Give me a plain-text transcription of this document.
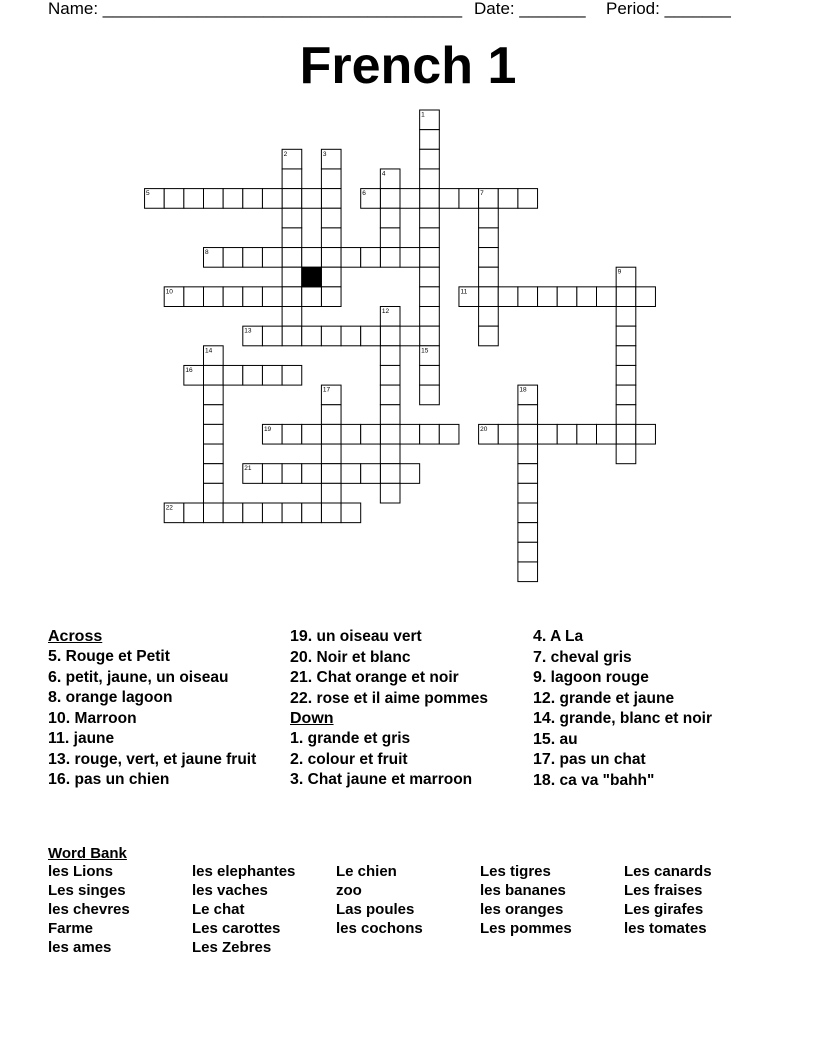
Name: ______________________________________ Date: _______ Period: _______
French 1
1
2	3
4
5	6	7
8
9
10	11
12
13
14	15
16
17	18
19	20
21
22
Across
5. Rouge et Petit
6. petit, jaune, un oiseau
8. orange lagoon
10. Marroon
11. jaune
13. rouge, vert, et jaune fruit
16. pas un chien
19. un oiseau vert
20. Noir et blanc
21. Chat orange et noir
22. rose et il aime pommes
Down
1. grande et gris
2. colour et fruit
3. Chat jaune et marroon
4. A La
7. cheval gris
9. lagoon rouge
12. grande et jaune
14. grande, blanc et noir
15. au
17. pas un chat
18. ca va "bahh"
Word Bank
les Lions	les elephantes	Le chien	Les tigres	Les canards
Les singes	les vaches	zoo	les bananes	Les fraises
les chevres	Le chat	Las poules	les oranges	Les girafes
Farme	Les carottes	les cochons	Les pommes	les tomates
les ames	Les Zebres
